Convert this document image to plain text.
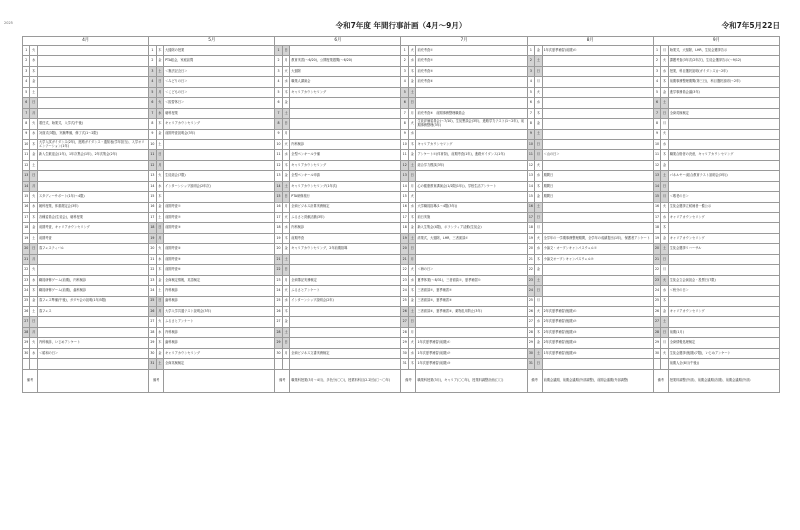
2025	令和7年度 年間行事計画（4月～9月）	令和7年5月22日
4月			5月			6月			7月			8月			9月		
1	火		1	木	大掃除の授業	1	日		1	火	前充考査①	1	金	1年次夏季補習(前期)①	1	月	始業式，大掃除，LHR，生徒会選挙告示
2	水		2	金	PTA総会，家庭訪問	2	月	教育実習(～6/20)，公開授業週間(～6/20)	2	水	前充考査②	2	土		2	火	課題考査(3年次/2年次)，生徒会選挙告示(～9/12)
3	木		3	土	＜憲法記念日＞	3	火	大掃除	3	木	前充考査③	3	日		3	水	授業，科目選択説明(ガイダンス)(～2年)
4	金		4	日	＜みどりの日＞	4	水	職業人講演会	4	金	前充考査④	4	月		4	木	前期事務整理期間(第三日)，科目選択説明(～2年)
5	土		5	月	＜こどもの日＞	5	木	キャリアカウンセリング	5	土		5	火		5	金	進学事務員会議(3年)
6	日		6	火	＜振替休日＞	6	金		6	日		6	水		6	土	
7	月		7	水	朝科授業	7	土		7	月	前充考査⑤　前期事務整理職員会	7	木		7	日	全商英検検定
8	火	着任式，始業式，入学式(午後)	8	木	キャリアカウンセリング	8	日		8	火	生徒評価委員会(～7/10)，生徒懇談会(3年)，進路学力テスト(1～2年)，前期事務整理(3年)	8	金		8	月	
9	水	対面式(3限)，実験準備，修了式(1～2限)	9	金	前期考査説明会(3年)	9	月		9	水		9	土		9	火	
10	木	大学入試ガイダンス(2年)，進路ガイダンス・通知表(学年担当)，入学オリエンテーション(1年)	10	土		10	火	内科検診	10	木	キャリアカウンセリング	10	日		10	水	
11	金	新入生歓迎会(1年)，1年次集会(1年)，2年次集会(2年)	11	日		11	水	全型ペンキール予備	11	金	アンケート①(体育祭)，前期考査(1年)，進路ガイダンス(1年)	11	月	＜山の日＞	11	木	職業合格者の決意，キャリアカウンセリング
12	土		12	月		12	木	キャリアカウンセリング	12	土	総合学力模試(3年)	12	火		12	金	
13	日		13	火	生徒総会(7限)	13	金	全型ペンキール申請	13	日		13	水	期間日	13	土	パネルヤー(総合教育テスト説明会(3年))
14	月		14	水	インターンシップ説明会(2年次)	14	土	キャリアカウンセリング(1年次)	14	月	心の健康教育講演会(1/2限(1年))，学校生活アンケート	14	木	期間日	14	日	
15	火	スタディーサポート(1年/～4限)	15	木		15	日	PTA研修旅行	15	火		15	金	期間日	15	月	＜敬老の日＞
16	水	朝科授業，体重測定会(3年)	16	金	前期考査①	16	月	全商ビジネス計算実務検定	16	水	大学職員指導(1～4限(3年))	16	土		16	火	生徒会選挙立候補者一覧公示
17	木	各種委員会(生徒会)，朝科授業	17	土	前期考査②	17	火	ふるさと貢献活動(3年)	17	木	前日実施	17	日		17	水	キャリアカウンセリング
18	金	前期考査，キャリアカウンセリング	18	日	前期考査③	18	水	内科検診	18	金	新入生集会(4限)，ボランティア活動(生徒会)	18	月		18	木	
19	土	前期考査	19	月		19	木	前期考査	19	土	終業式，大掃除，LHR，三者面談①	19	火	全学年の一学期事務整理期間，全学年の成績提出(1年)，保護者アンケート	19	金	キャリアカウンセリング
20	日	春フェスティバル	20	火	前期考査④	20	金	キャリアカウンセリング，2年前期指導	20	日		20	水	小論文・オープンキャンパスウェル①	20	土	生徒会選挙リハーサル
21	月		21	水	前期考査⑤	21	土		21	月		21	木	小論文オープンキャンパスウェル②	21	日	
22	火		22	木	前期考査⑥	22	日		22	火	＜海の日＞	22	金		22	月	
23	水	職員研修ゲーム(前期)，内科検診	23	金	全商検定情報，英語検定	23	月	全商簿記実務検定	23	水	夏季休業(～8/31)，三者面談①，夏季補習①	23	土		23	火	生徒会立会演説会・投票日(7限)
24	木	職員研修ゲーム(前期)，歯科検診	24	土	内科検診	24	火	ふるさとアンケート	24	木	三者面談②，夏季補習②	24	日		24	水	＜秋分の日＞
25	金	春フェス準備(午後)，ガダヤ会の説明(1年/5限)	25	日	歯科検診	25	水	インターンシップ説明会(2年)	25	金	三者面談③，夏季補習③	25	月		25	木	
26	土	春フェス	26	月	大学入学共通テスト説明会(3年)	26	木		26	土	三者面談④，夏季補習④，薬物乱用防止(3年)	26	火	2年次夏季補習(後期)①	26	金	キャリアカウンセリング
27	日		27	火	ふるさとアンケート	27	金		27	日		27	水	2年次夏季補習(後期)②	27	土	
28	月		28	水	内科検診	28	土		28	月		28	木	2年次夏季補習(後期)③	28	日	前期(1月)
29	火	内科検診，いじめアンケート	29	木	歯科検診	29	日		29	火	1年次夏季補習(前期)①	29	金	2年次夏季補習(後期)④	29	月	全商情報処理検定
30	水	＜昭和の日＞	30	金	キャリアカウンセリング	30	月	全商ビジネス文書実務検定	30	水	1年次夏季補習(前期)②	30	土	1年次夏季補習(後期)⑤	30	火	生徒会選挙(後期)(7限)，いじめアンケート
			31	土	全商英検検定				31	木	1年次夏季補習(前期)③	31	日				前期人全(8月(午後))
備考			備考			備考		職業科授業(3月～4月)，多色分(〇〇)，授業料科目(2.2回)(〇～〇年)	備考		職業科授業(3月)，キャリア(〇〇年)，授業料調整計画(〇〇)	備考		前期会議期，前期会議期(外部調整)，前期会議期(外部調整)	備考		授業料調整(外部)，前期会議期(各期)，前期会議期(外部)
